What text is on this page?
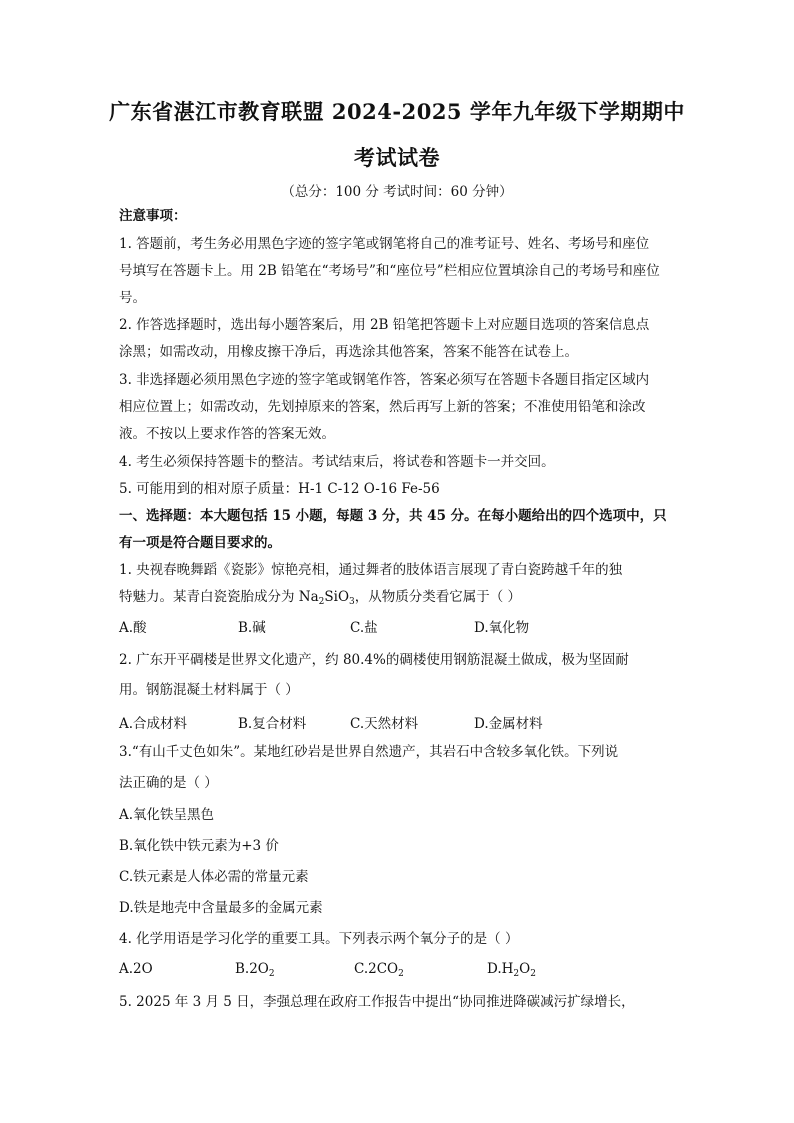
广东省湛江市教育联盟 2024-2025 学年九年级下学期期中
考试试卷
（总分：100 分 考试时间：60 分钟）
注意事项：
1. 答题前，考生务必用黑色字迹的签字笔或钢笔将自己的准考证号、姓名、考场号和座位
号填写在答题卡上。用 2B 铅笔在“考场号”和“座位号”栏相应位置填涂自己的考场号和座位
号。
2. 作答选择题时，选出每小题答案后，用 2B 铅笔把答题卡上对应题目选项的答案信息点
涂黑；如需改动，用橡皮擦干净后，再选涂其他答案，答案不能答在试卷上。
3. 非选择题必须用黑色字迹的签字笔或钢笔作答，答案必须写在答题卡各题目指定区域内
相应位置上；如需改动，先划掉原来的答案，然后再写上新的答案；不准使用铅笔和涂改
液。不按以上要求作答的答案无效。
4. 考生必须保持答题卡的整洁。考试结束后，将试卷和答题卡一并交回。
5. 可能用到的相对原子质量：H-1 C-12 O-16 Fe-56
一、选择题：本大题包括 15 小题，每题 3 分，共 45 分。在每小题给出的四个选项中，只
有一项是符合题目要求的。
1. 央视春晚舞蹈《瓷影》惊艳亮相，通过舞者的肢体语言展现了青白瓷跨越千年的独
特魅力。某青白瓷瓷胎成分为 $Na_2SiO_3$，从物质分类看它属于（ ）
A.酸	B.碱	C.盐	D.氧化物
2. 广东开平碉楼是世界文化遗产，约 80.4%的碉楼使用钢筋混凝土做成，极为坚固耐
用。钢筋混凝土材料属于（ ）
A.合成材料	B.复合材料	C.天然材料	D.金属材料
3.“有山千丈色如朱”。某地红砂岩是世界自然遗产，其岩石中含较多氧化铁。下列说
法正确的是（ ）
A.氧化铁呈黑色
B.氧化铁中铁元素为+3 价
C.铁元素是人体必需的常量元素
D.铁是地壳中含量最多的金属元素
4. 化学用语是学习化学的重要工具。下列表示两个氧分子的是（ ）
A.2O	$B.2O_2$	$C.2CO_2$	$D.H_2O_2$
5. 2025 年 3 月 5 日，李强总理在政府工作报告中提出“协同推进降碳减污扩绿增长，
